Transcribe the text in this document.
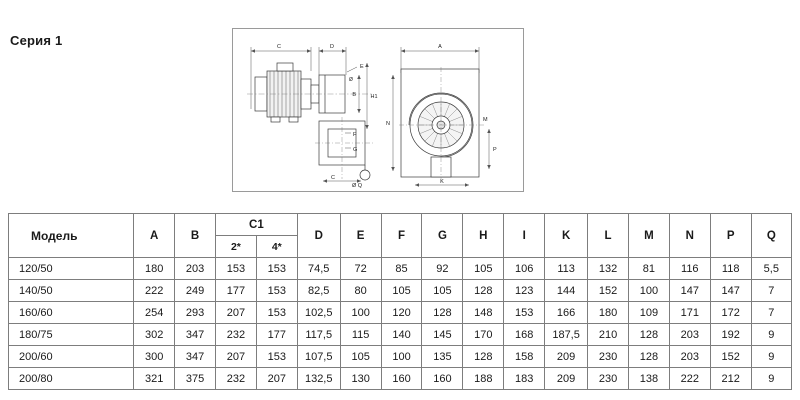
Серия 1	C	D
E
B	H1
F
G
C
Ø Q
Ø
A
N
P
K
M
Модель	A	B	C1		D	E	F	G	H	I	K	L	M	N	P	Q
			2*	4*												
120/50	180	203	153	153	74,5	72	85	92	105	106	113	132	81	116	118	5,5
140/50	222	249	177	153	82,5	80	105	105	128	123	144	152	100	147	147	7
160/60	254	293	207	153	102,5	100	120	128	148	153	166	180	109	171	172	7
180/75	302	347	232	177	117,5	115	140	145	170	168	187,5	210	128	203	192	9
200/60	300	347	207	153	107,5	105	100	135	128	158	209	230	128	203	152	9
200/80	321	375	232	207	132,5	130	160	160	188	183	209	230	138	222	212	9
